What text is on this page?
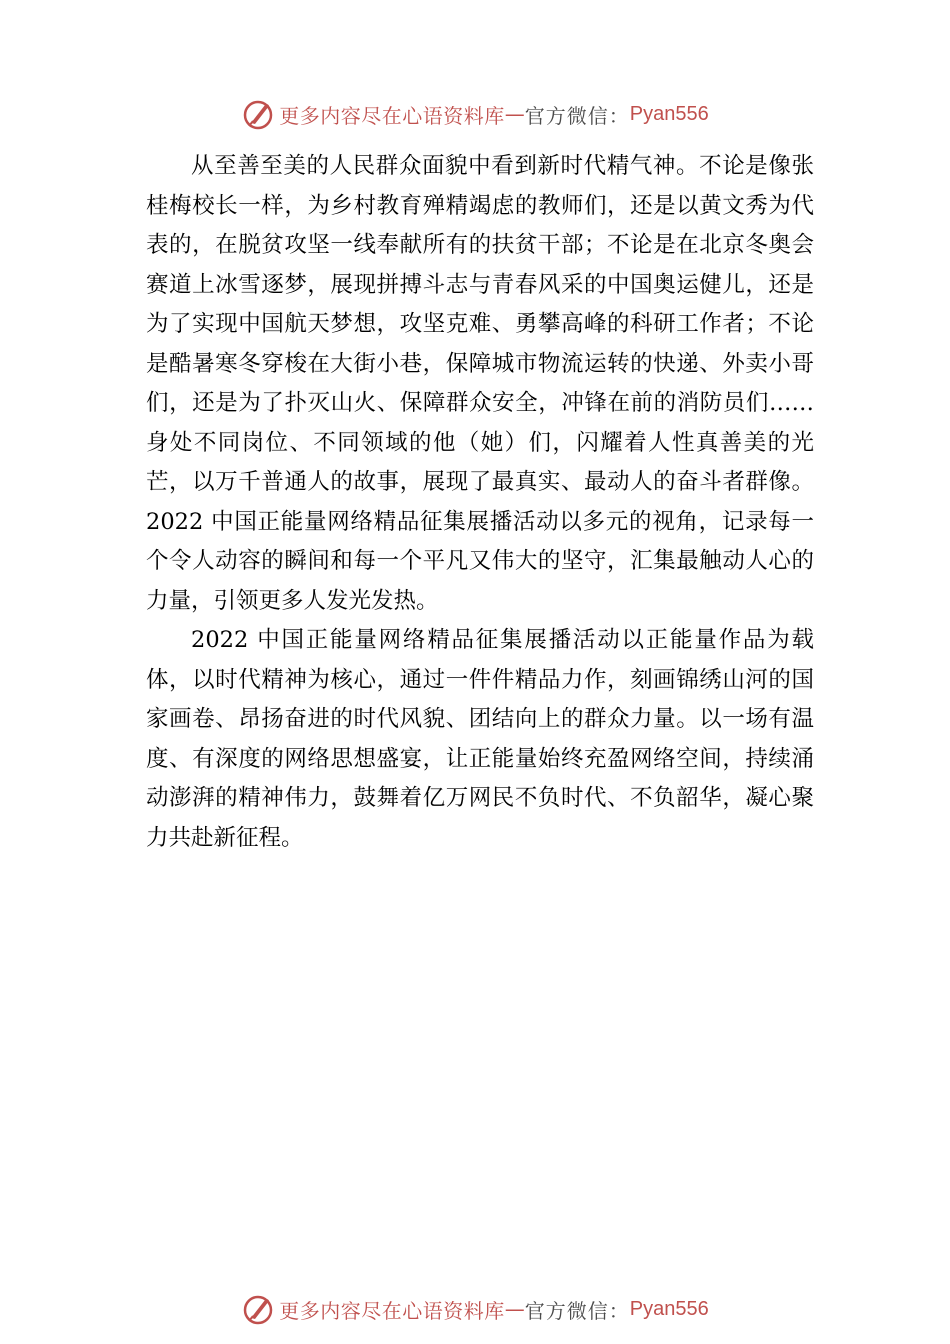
更多内容尽在心语资料库 — 官方微信： Pyan556

从至善至美的人民群众面貌中看到新时代精气神。不论是像张桂梅校长一样，为乡村教育殚精竭虑的教师们，还是以黄文秀为代表的，在脱贫攻坚一线奉献所有的扶贫干部；不论是在北京冬奥会赛道上冰雪逐梦，展现拼搏斗志与青春风采的中国奥运健儿，还是为了实现中国航天梦想，攻坚克难、勇攀高峰的科研工作者；不论是酷暑寒冬穿梭在大街小巷，保障城市物流运转的快递、外卖小哥们，还是为了扑灭山火、保障群众安全，冲锋在前的消防员们……身处不同岗位、不同领域的他（她）们，闪耀着人性真善美的光芒，以万千普通人的故事，展现了最真实、最动人的奋斗者群像。2022 中国正能量网络精品征集展播活动以多元的视角，记录每一个令人动容的瞬间和每一个平凡又伟大的坚守，汇集最触动人心的力量，引领更多人发光发热。

2022 中国正能量网络精品征集展播活动以正能量作品为载体，以时代精神为核心，通过一件件精品力作，刻画锦绣山河的国家画卷、昂扬奋进的时代风貌、团结向上的群众力量。以一场有温度、有深度的网络思想盛宴，让正能量始终充盈网络空间，持续涌动澎湃的精神伟力，鼓舞着亿万网民不负时代、不负韶华，凝心聚力共赴新征程。

更多内容尽在心语资料库 — 官方微信： Pyan556
